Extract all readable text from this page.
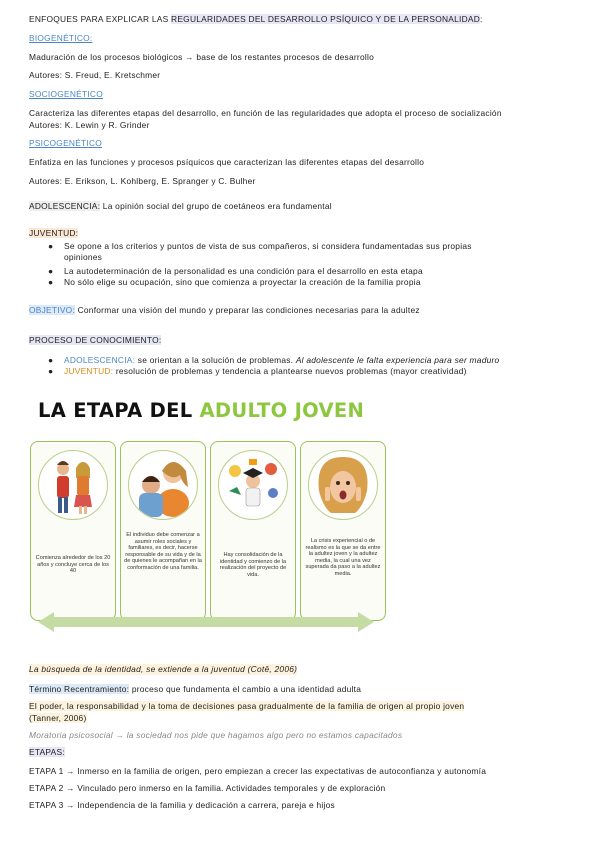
ENFOQUES PARA EXPLICAR LAS REGULARIDADES DEL DESARROLLO PSÍQUICO Y DE LA PERSONALIDAD:
BIOGENÉTICO:
Maduración de los procesos biológicos → base de los restantes procesos de desarrollo
Autores: S. Freud, E. Kretschmer
SOCIOGENÉTICO
Caracteriza las diferentes etapas del desarrollo, en función de las regularidades que adopta el proceso de socialización
Autores: K. Lewin y R. Grinder
PSICOGENÉTICO
Enfatiza en las funciones y procesos psíquicos que caracterizan las diferentes etapas del desarrollo
Autores: E. Erikson, L. Kohlberg, E. Spranger y C. Bulher
ADOLESCENCIA: La opinión social del grupo de coetáneos era fundamental
JUVENTUD:
● Se opone a los criterios y puntos de vista de sus compañeros, si considera fundamentadas sus propias
opiniones
● La autodeterminación de la personalidad es una condición para el desarrollo en esta etapa
● No sólo elige su ocupación, sino que comienza a proyectar la creación de la familia propia
OBJETIVO: Conformar una visión del mundo y preparar las condiciones necesarias para la adultez
PROCESO DE CONOCIMIENTO:
● ADOLESCENCIA: se orientan a la solución de problemas. Al adolescente le falta experiencia para ser maduro
● JUVENTUD: resolución de problemas y tendencia a plantearse nuevos problemas (mayor creatividad)
LA ETAPA DEL ADULTO JOVEN
Comienza alrededor de los 20 años y concluye cerca de los 40
El individuo debe comenzar a asumir roles sociales y familiares, es decir, hacerse responsable de su vida y de la de quienes le acompañan en la conformación de una familia.
Hay consolidación de la identidad y comienzo de la realización del proyecto de vida.
La crisis experiencial o de realismo es la que se da entre la adultez joven y la adultez media, la cual una vez superada da paso a la adultez media.
La búsqueda de la identidad, se extiende a la juventud (Cotê, 2006)
Término Recentramiento: proceso que fundamenta el cambio a una identidad adulta
El poder, la responsabilidad y la toma de decisiones pasa gradualmente de la familia de origen al propio joven
(Tanner, 2006)
Moratoria psicosocial → la sociedad nos pide que hagamos algo pero no estamos capacitados
ETAPAS:
ETAPA 1 → Inmerso en la familia de origen, pero empiezan a crecer las expectativas de autoconfianza y autonomía
ETAPA 2 → Vinculado pero inmerso en la familia. Actividades temporales y de exploración
ETAPA 3 → Independencia de la familia y dedicación a carrera, pareja e hijos
